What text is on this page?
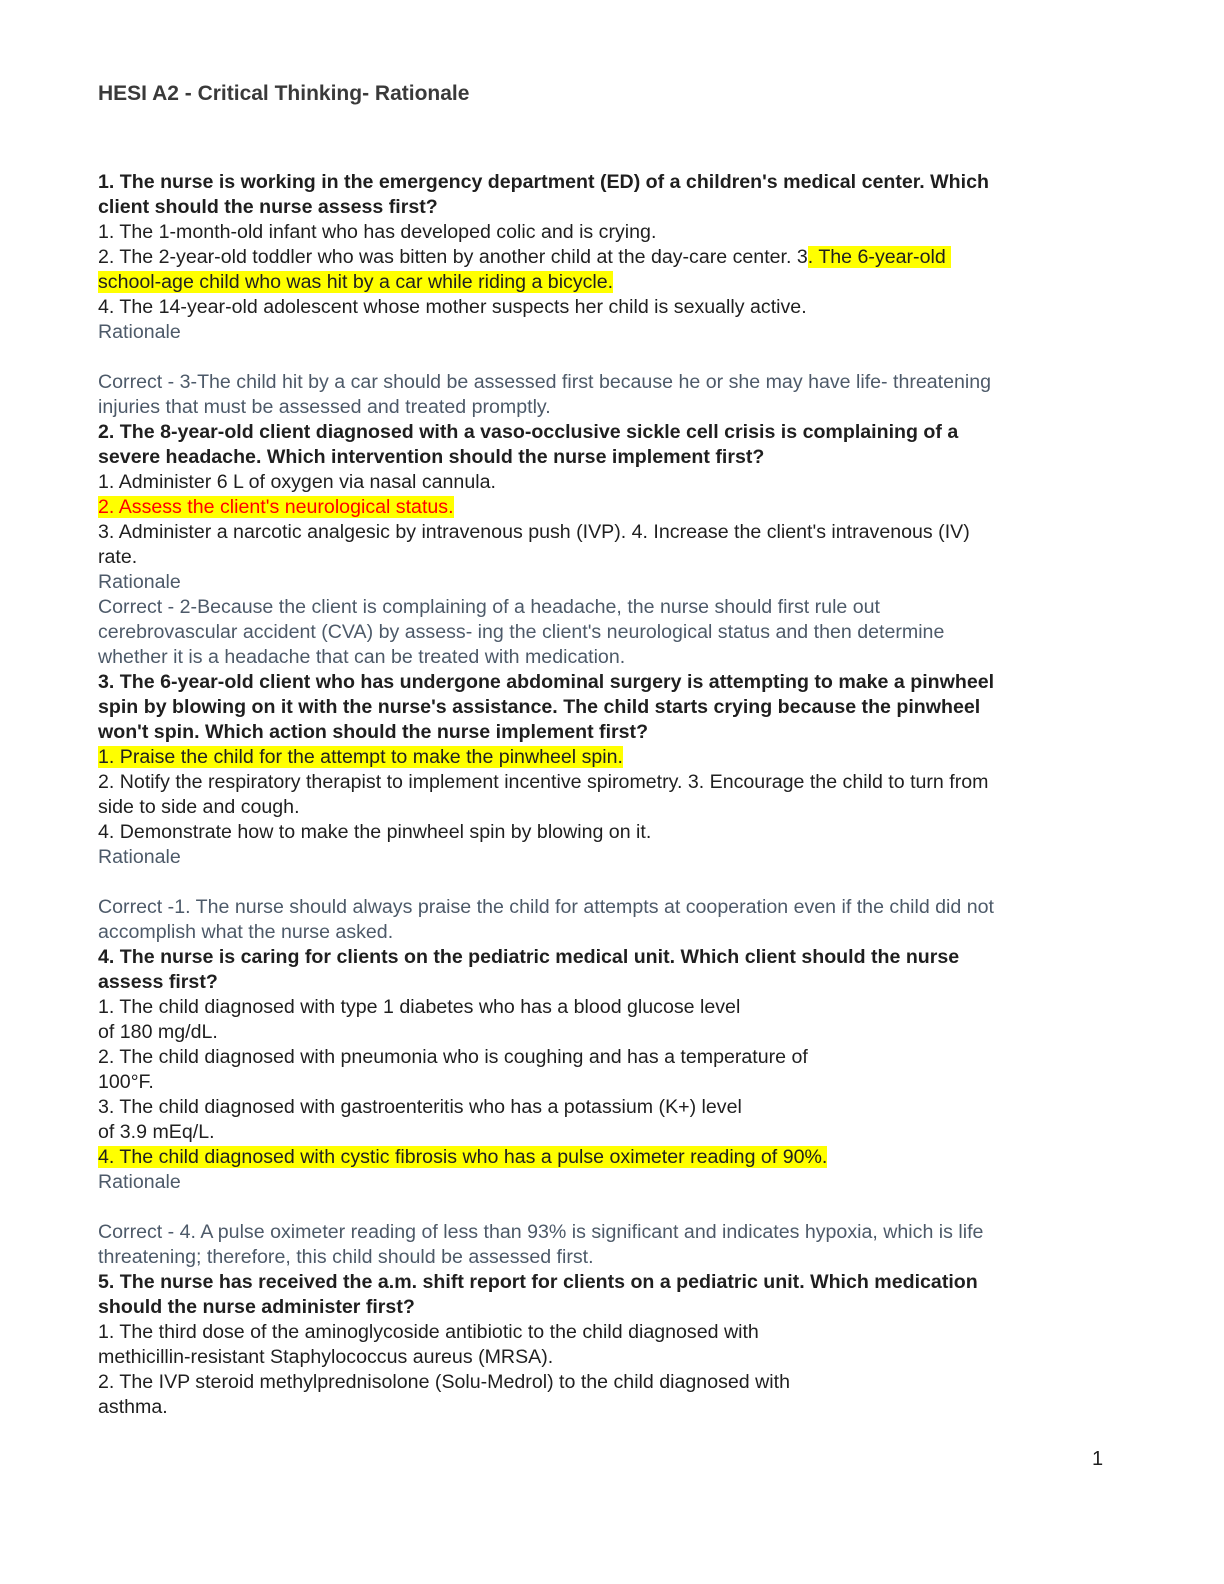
HESI A2 - Critical Thinking- Rationale
1. The nurse is working in the emergency department (ED) of a children's medical center. Which
client should the nurse assess first?
1. The 1-month-old infant who has developed colic and is crying.
2. The 2-year-old toddler who was bitten by another child at the day-care center. 3. The 6-year-old
school-age child who was hit by a car while riding a bicycle.
4. The 14-year-old adolescent whose mother suspects her child is sexually active.
Rationale
Correct - 3-The child hit by a car should be assessed first because he or she may have life- threatening
injuries that must be assessed and treated promptly.
2. The 8-year-old client diagnosed with a vaso-occlusive sickle cell crisis is complaining of a
severe headache. Which intervention should the nurse implement first?
1. Administer 6 L of oxygen via nasal cannula.
2. Assess the client's neurological status.
3. Administer a narcotic analgesic by intravenous push (IVP). 4. Increase the client's intravenous (IV)
rate.
Rationale
Correct - 2-Because the client is complaining of a headache, the nurse should first rule out
cerebrovascular accident (CVA) by assess- ing the client's neurological status and then determine
whether it is a headache that can be treated with medication.
3. The 6-year-old client who has undergone abdominal surgery is attempting to make a pinwheel
spin by blowing on it with the nurse's assistance. The child starts crying because the pinwheel
won't spin. Which action should the nurse implement first?
1. Praise the child for the attempt to make the pinwheel spin.
2. Notify the respiratory therapist to implement incentive spirometry. 3. Encourage the child to turn from
side to side and cough.
4. Demonstrate how to make the pinwheel spin by blowing on it.
Rationale
Correct -1. The nurse should always praise the child for attempts at cooperation even if the child did not
accomplish what the nurse asked.
4. The nurse is caring for clients on the pediatric medical unit. Which client should the nurse
assess first?
1. The child diagnosed with type 1 diabetes who has a blood glucose level
of 180 mg/dL.
2. The child diagnosed with pneumonia who is coughing and has a temperature of
100°F.
3. The child diagnosed with gastroenteritis who has a potassium (K+) level
of 3.9 mEq/L.
4. The child diagnosed with cystic fibrosis who has a pulse oximeter reading of 90%.
Rationale
Correct - 4. A pulse oximeter reading of less than 93% is significant and indicates hypoxia, which is life
threatening; therefore, this child should be assessed first.
5. The nurse has received the a.m. shift report for clients on a pediatric unit. Which medication
should the nurse administer first?
1. The third dose of the aminoglycoside antibiotic to the child diagnosed with
methicillin-resistant Staphylococcus aureus (MRSA).
2. The IVP steroid methylprednisolone (Solu-Medrol) to the child diagnosed with
asthma.
1
